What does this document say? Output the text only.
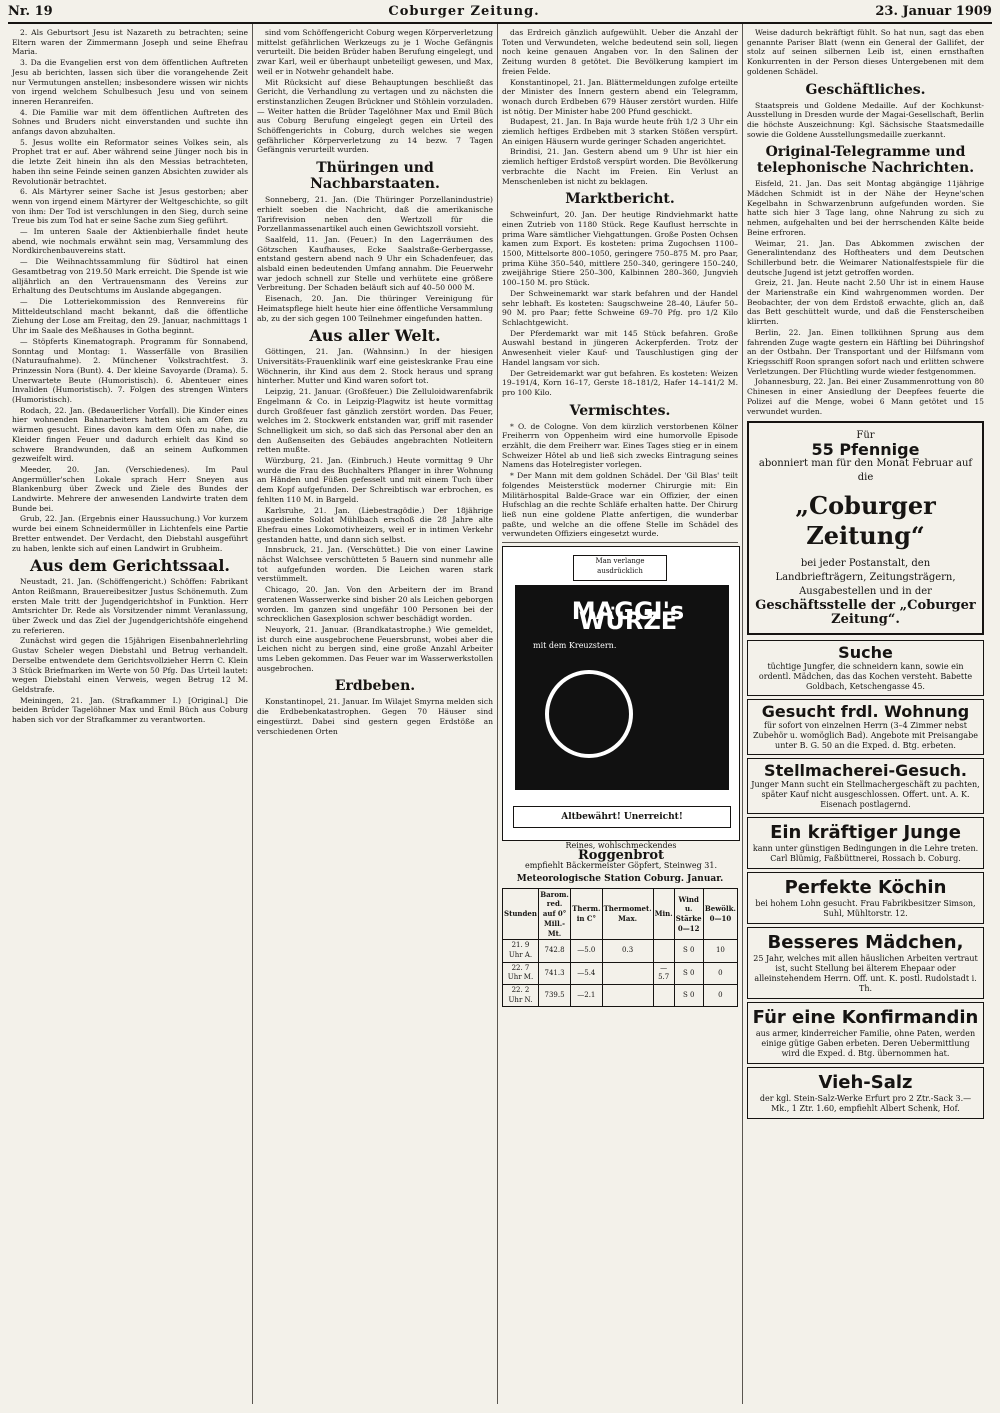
Nr. 19	Coburger Zeitung.	23. Januar 1909

2. Als Geburtsort Jesu ist Nazareth zu betrachten; seine Eltern waren der Zimmermann Joseph und seine Ehefrau Maria.

3. Da die Evangelien erst von dem öffentlichen Auftreten Jesu ab berichten, lassen sich über die vorangehende Zeit nur Vermutungen anstellen; insbesondere wissen wir nichts von irgend welchem Schulbesuch Jesu und von seinem inneren Heranreifen.

4. Die Familie war mit dem öffentlichen Auftreten des Sohnes und Bruders nicht einverstanden und suchte ihn anfangs davon abzuhalten.

5. Jesus wollte ein Reformator seines Volkes sein, als Prophet trat er auf. Aber während seine Jünger noch bis in die letzte Zeit hinein ihn als den Messias betrachteten, haben ihn seine Feinde seinen ganzen Absichten zuwider als Revolutionär betrachtet.

6. Als Märtyrer seiner Sache ist Jesus gestorben; aber wenn von irgend einem Märtyrer der Weltgeschichte, so gilt von ihm: Der Tod ist verschlungen in den Sieg, durch seine Treue bis zum Tod hat er seine Sache zum Sieg geführt.

— Im unteren Saale der Aktienbierhalle findet heute abend, wie nochmals erwähnt sein mag, Versammlung des Nordkirchenbauvereins statt.

— Die Weihnachtssammlung für Südtirol hat einen Gesamtbetrag von 219.50 Mark erreicht. Die Spende ist wie alljährlich an den Vertrauensmann des Vereins zur Erhaltung des Deutschtums im Auslande abgegangen.

— Die Lotteriekommission des Rennvereins für Mitteldeutschland macht bekannt, daß die öffentliche Ziehung der Lose am Freitag, den 29. Januar, nachmittags 1 Uhr im Saale des Meßhauses in Gotha beginnt.

— Stöpferts Kinematograph. Programm für Sonnabend, Sonntag und Montag: 1. Wasserfälle von Brasilien (Naturaufnahme). 2. Münchener Volkstrachtfest. 3. Prinzessin Nora (Bunt). 4. Der kleine Savoyarde (Drama). 5. Unerwartete Beute (Humoristisch). 6. Abenteuer eines Invaliden (Humoristisch). 7. Folgen des strengen Winters (Humoristisch).

Rodach, 22. Jan. (Bedauerlicher Vorfall). Die Kinder eines hier wohnenden Bahnarbeiters hatten sich am Ofen zu wärmen gesucht. Eines davon kam dem Ofen zu nahe, die Kleider fingen Feuer und dadurch erhielt das Kind so schwere Brandwunden, daß an seinem Aufkommen gezweifelt wird.

Meeder, 20. Jan. (Verschiedenes). Im Paul Angermüller'schen Lokale sprach Herr Sneyen aus Blankenburg über Zweck und Ziele des Bundes der Landwirte. Mehrere der anwesenden Landwirte traten dem Bunde bei.

Grub, 22. Jan. (Ergebnis einer Haussuchung.) Vor kurzem wurde bei einem Schneidermüller in Lichtenfels eine Partie Bretter entwendet. Der Verdacht, den Diebstahl ausgeführt zu haben, lenkte sich auf einen Landwirt in Grubheim.

Aus dem Gerichtssaal.

Neustadt, 21. Jan. (Schöffengericht.) Schöffen: Fabrikant Anton Reißmann, Brauereibesitzer Justus Schönemuth. Zum ersten Male tritt der Jugendgerichtshof in Funktion. Herr Amtsrichter Dr. Rede als Vorsitzender nimmt Veranlassung, über Zweck und das Ziel der Jugendgerichtshöfe eingehend zu referieren.

Zunächst wird gegen die 15jährigen Eisenbahnerlehrling Gustav Scheler wegen Diebstahl und Betrug verhandelt. Derselbe entwendete dem Gerichtsvollzieher Herrn C. Klein 3 Stück Briefmarken im Werte von 50 Pfg. Das Urteil lautet: wegen Diebstahl einen Verweis, wegen Betrug 12 M. Geldstrafe.

Meiningen, 21. Jan. (Strafkammer I.) [Original.] Die beiden Brüder Tagelöhner Max und Emil Büch aus Coburg haben sich vor der Strafkammer zu verantworten.

sind vom Schöffengericht Coburg wegen Körperverletzung mittelst gefährlichen Werkzeugs zu je 1 Woche Gefängnis verurteilt. Die beiden Brüder haben Berufung eingelegt, und zwar Karl, weil er überhaupt unbeteiligt gewesen, und Max, weil er in Notwehr gehandelt habe.

Mit Rücksicht auf diese Behauptungen beschließt das Gericht, die Verhandlung zu vertagen und zu nächsten die erstinstanzlichen Zeugen Brückner und Stöhlein vorzuladen. — Weiter hatten die Brüder Tagelöhner Max und Emil Büch aus Coburg Berufung eingelegt gegen ein Urteil des Schöffengerichts in Coburg, durch welches sie wegen gefährlicher Körperverletzung zu 14 bezw. 7 Tagen Gefängnis verurteilt wurden.

Thüringen und Nachbarstaaten.

Sonneberg, 21. Jan. (Die Thüringer Porzellanindustrie) erhielt soeben die Nachricht, daß die amerikanische Tarifrevision neben den Wertzoll für die Porzellanmassenartikel auch einen Gewichtszoll vorsieht.

Saalfeld, 11. Jan. (Feuer.) In den Lagerräumen des Götzschen Kaufhauses, Ecke Saalstraße-Gerbergasse, entstand gestern abend nach 9 Uhr ein Schadenfeuer, das alsbald einen bedeutenden Umfang annahm. Die Feuerwehr war jedoch schnell zur Stelle und verhütete eine größere Verbreitung. Der Schaden beläuft sich auf 40–50 000 M.

Eisenach, 20. Jan. Die thüringer Vereinigung für Heimatspflege hielt heute hier eine öffentliche Versammlung ab, zu der sich gegen 100 Teilnehmer eingefunden hatten.

Aus aller Welt.

Göttingen, 21. Jan. (Wahnsinn.) In der hiesigen Universitäts-Frauenklinik warf eine geisteskranke Frau eine Wöchnerin, ihr Kind aus dem 2. Stock heraus und sprang hinterher. Mutter und Kind waren sofort tot.

Leipzig, 21. Januar. (Großfeuer.) Die Zelluloidwarenfabrik Engelmann & Co. in Leipzig-Plagwitz ist heute vormittag durch Großfeuer fast gänzlich zerstört worden. Das Feuer, welches im 2. Stockwerk entstanden war, griff mit rasender Schnelligkeit um sich, so daß sich das Personal aber den an den Außenseiten des Gebäudes angebrachten Notleitern retten mußte.

Würzburg, 21. Jan. (Einbruch.) Heute vormittag 9 Uhr wurde die Frau des Buchhalters Pflanger in ihrer Wohnung an Händen und Füßen gefesselt und mit einem Tuch über dem Kopf aufgefunden. Der Schreibtisch war erbrochen, es fehlten 110 M. in Bargeld.

Karlsruhe, 21. Jan. (Liebestragödie.) Der 18jährige ausgediente Soldat Mühlbach erschoß die 28 Jahre alte Ehefrau eines Lokomotivheizers, weil er in intimen Verkehr gestanden hatte, und dann sich selbst.

Innsbruck, 21. Jan. (Verschüttet.) Die von einer Lawine nächst Walchsee verschütteten 5 Bauern sind nunmehr alle tot aufgefunden worden. Die Leichen waren stark verstümmelt.

Chicago, 20. Jan. Von den Arbeitern der im Brand geratenen Wasserwerke sind bisher 20 als Leichen geborgen worden. Im ganzen sind ungefähr 100 Personen bei der schrecklichen Gasexplosion schwer beschädigt worden.

Neuyork, 21. Januar. (Brandkatastrophe.) Wie gemeldet, ist durch eine ausgebrochene Feuersbrunst, wobei aber die Leichen nicht zu bergen sind, eine große Anzahl Arbeiter ums Leben gekommen. Das Feuer war im Wasserwerkstollen ausgebrochen.

Erdbeben.

Konstantinopel, 21. Januar. Im Wilajet Smyrna melden sich die Erdbebenkatastrophen. Gegen 70 Häuser sind eingestürzt. Dabei sind gestern gegen Erdstöße an verschiedenen Orten

das Erdreich gänzlich aufgewühlt. Ueber die Anzahl der Toten und Verwundeten, welche bedeutend sein soll, liegen noch keine genauen Angaben vor. In den Salinen der Zeitung wurden 8 getötet. Die Bevölkerung kampiert im freien Felde.

Konstantinopel, 21. Jan. Blättermeldungen zufolge erteilte der Minister des Innern gestern abend ein Telegramm, wonach durch Erdbeben 679 Häuser zerstört wurden. Hilfe ist nötig. Der Minister habe 200 Pfund geschickt.

Budapest, 21. Jan. In Baja wurde heute früh 1/2 3 Uhr ein ziemlich heftiges Erdbeben mit 3 starken Stößen verspürt. An einigen Häusern wurde geringer Schaden angerichtet.

Brindisi, 21. Jan. Gestern abend um 9 Uhr ist hier ein ziemlich heftiger Erdstoß verspürt worden. Die Bevölkerung verbrachte die Nacht im Freien. Ein Verlust an Menschenleben ist nicht zu beklagen.

Marktbericht.

Schweinfurt, 20. Jan. Der heutige Rindviehmarkt hatte einen Zutrieb von 1180 Stück. Rege Kauflust herrschte in prima Ware sämtlicher Viehgattungen. Große Posten Ochsen kamen zum Export. Es kosteten: prima Zugochsen 1100–1500, Mittelsorte 800–1050, geringere 750–875 M. pro Paar, prima Kühe 350–540, mittlere 250–340, geringere 150–240, zweijährige Stiere 250–300, Kalbinnen 280–360, Jungvieh 100–150 M. pro Stück.

Der Schweinemarkt war stark befahren und der Handel sehr lebhaft. Es kosteten: Saugschweine 28–40, Läufer 50–90 M. pro Paar; fette Schweine 69–70 Pfg. pro 1/2 Kilo Schlachtgewicht.

Der Pferdemarkt war mit 145 Stück befahren. Große Auswahl bestand in jüngeren Ackerpferden. Trotz der Anwesenheit vieler Kauf- und Tauschlustigen ging der Handel langsam vor sich.

Der Getreidemarkt war gut befahren. Es kosteten: Weizen 19–191/4, Korn 16–17, Gerste 18–181/2, Hafer 14–141/2 M. pro 100 Kilo.

Vermischtes.

* O. de Cologne. Von dem kürzlich verstorbenen Kölner Freiherrn von Oppenheim wird eine humorvolle Episode erzählt, die dem Freiherr war. Eines Tages stieg er in einem Schweizer Hôtel ab und ließ sich zwecks Eintragung seines Namens das Hotelregister vorlegen.

* Der Mann mit dem goldnen Schädel. Der 'Gil Blas' teilt folgendes Meisterstück moderner Chirurgie mit: Ein Militärhospital Balde-Grace war ein Offizier, der einen Hufschlag an die rechte Schläfe erhalten hatte. Der Chirurg ließ nun eine goldene Platte anfertigen, die wunderbar paßte, und welche an die offene Stelle im Schädel des verwundeten Offiziers eingesetzt wurde.

MAGGI's WÜRZE
mit dem Kreuzstern.
Man verlange ausdrücklich
Altbewährt! Unerreicht!
Reines, wohlschmeckendes
Roggenbrot
empfiehlt Bäckermeister Göpfert, Steinweg 31.
Meteorologische Station Coburg. Januar.
Stunden	Barom. red. auf 0° Mill.-Mt.	Therm. in C°	Thermomet. Max.	Min.	Wind u. Stärke 0—12	Bewölk. 0—10
21. 9 Uhr A.	742.8	—5.0	0.3		S 0	10
22. 7 Uhr M.	741.3	—5.4		—5.7	S 0	0
22. 2 Uhr N.	739.5	—2.1			S 0	0

Weise dadurch bekräftigt fühlt. So hat nun, sagt das eben genannte Pariser Blatt (wenn ein General der Gallifet, der stolz auf seinen silbernen Leib ist, einen ernsthaften Konkurrenten in der Person dieses Untergebenen mit dem goldenen Schädel.

Geschäftliches.

Staatspreis und Goldene Medaille. Auf der Kochkunst-Ausstellung in Dresden wurde der Magai-Gesellschaft, Berlin die höchste Auszeichnung: Kgl. Sächsische Staatsmedaille sowie die Goldene Ausstellungsmedaille zuerkannt.

Original-Telegramme und telephonische Nachrichten.

Eisfeld, 21. Jan. Das seit Montag abgängige 11jährige Mädchen Schmidt ist in der Nähe der Heyne'schen Kegelbahn in Schwarzenbrunn aufgefunden worden. Sie hatte sich hier 3 Tage lang, ohne Nahrung zu sich zu nehmen, aufgehalten und bei der herrschenden Kälte beide Beine erfroren.

Weimar, 21. Jan. Das Abkommen zwischen der Generalintendanz des Hoftheaters und dem Deutschen Schillerbund betr. die Weimarer Nationalfestspiele für die deutsche Jugend ist jetzt getroffen worden.

Greiz, 21. Jan. Heute nacht 2.50 Uhr ist in einem Hause der Marienstraße ein Kind wahrgenommen worden. Der Beobachter, der von dem Erdstoß erwachte, glich an, daß das Bett geschüttelt wurde, und daß die Fensterscheiben klirrten.

Berlin, 22. Jan. Einen tollkühnen Sprung aus dem fahrenden Zuge wagte gestern ein Häftling bei Dühringshof an der Ostbahn. Der Transportant und der Hilfsmann vom Kriegsschiff Roon sprangen sofort nach und erlitten schwere Verletzungen. Der Flüchtling wurde wieder festgenommen.

Johannesburg, 22. Jan. Bei einer Zusammenrottung von 80 Chinesen in einer Ansiedlung der Deepfees feuerte die Polizei auf die Menge, wobei 6 Mann getötet und 15 verwundet wurden.

Für
55 Pfennige
abonniert man für den Monat Februar auf die
„Coburger Zeitung“
bei jeder Postanstalt, den Landbriefträgern, Zeitungsträgern, Ausgabestellen und in der
Geschäftsstelle der „Coburger Zeitung“.
Suche
tüchtige Jungfer, die schneidern kann, sowie ein ordentl. Mädchen, das das Kochen versteht. Babette Goldbach, Ketschengasse 45.
Gesucht frdl. Wohnung
für sofort von einzelnen Herrn (3–4 Zimmer nebst Zubehör u. womöglich Bad). Angebote mit Preisangabe unter B. G. 50 an die Exped. d. Btg. erbeten.
Stellmacherei-Gesuch.
Junger Mann sucht ein Stellmachergeschäft zu pachten, später Kauf nicht ausgeschlossen. Offert. unt. A. K. Eisenach postlagernd.
Ein kräftiger Junge
kann unter günstigen Bedingungen in die Lehre treten. Carl Blümig, Faßbüttnerei, Rossach b. Coburg.
Perfekte Köchin
bei hohem Lohn gesucht. Frau Fabrikbesitzer Simson, Suhl, Mühltorstr. 12.
Besseres Mädchen,
25 Jahr, welches mit allen häuslichen Arbeiten vertraut ist, sucht Stellung bei älterem Ehepaar oder alleinstehendem Herrn. Off. unt. K. postl. Rudolstadt i. Th.
Für eine Konfirmandin
aus armer, kinderreicher Familie, ohne Paten, werden einige gütige Gaben erbeten. Deren Uebermittlung wird die Exped. d. Btg. übernommen hat.
Vieh-Salz
der kgl. Stein-Salz-Werke Erfurt pro 2 Ztr.-Sack 3.— Mk., 1 Ztr. 1.60, empfiehlt Albert Schenk, Hof.
